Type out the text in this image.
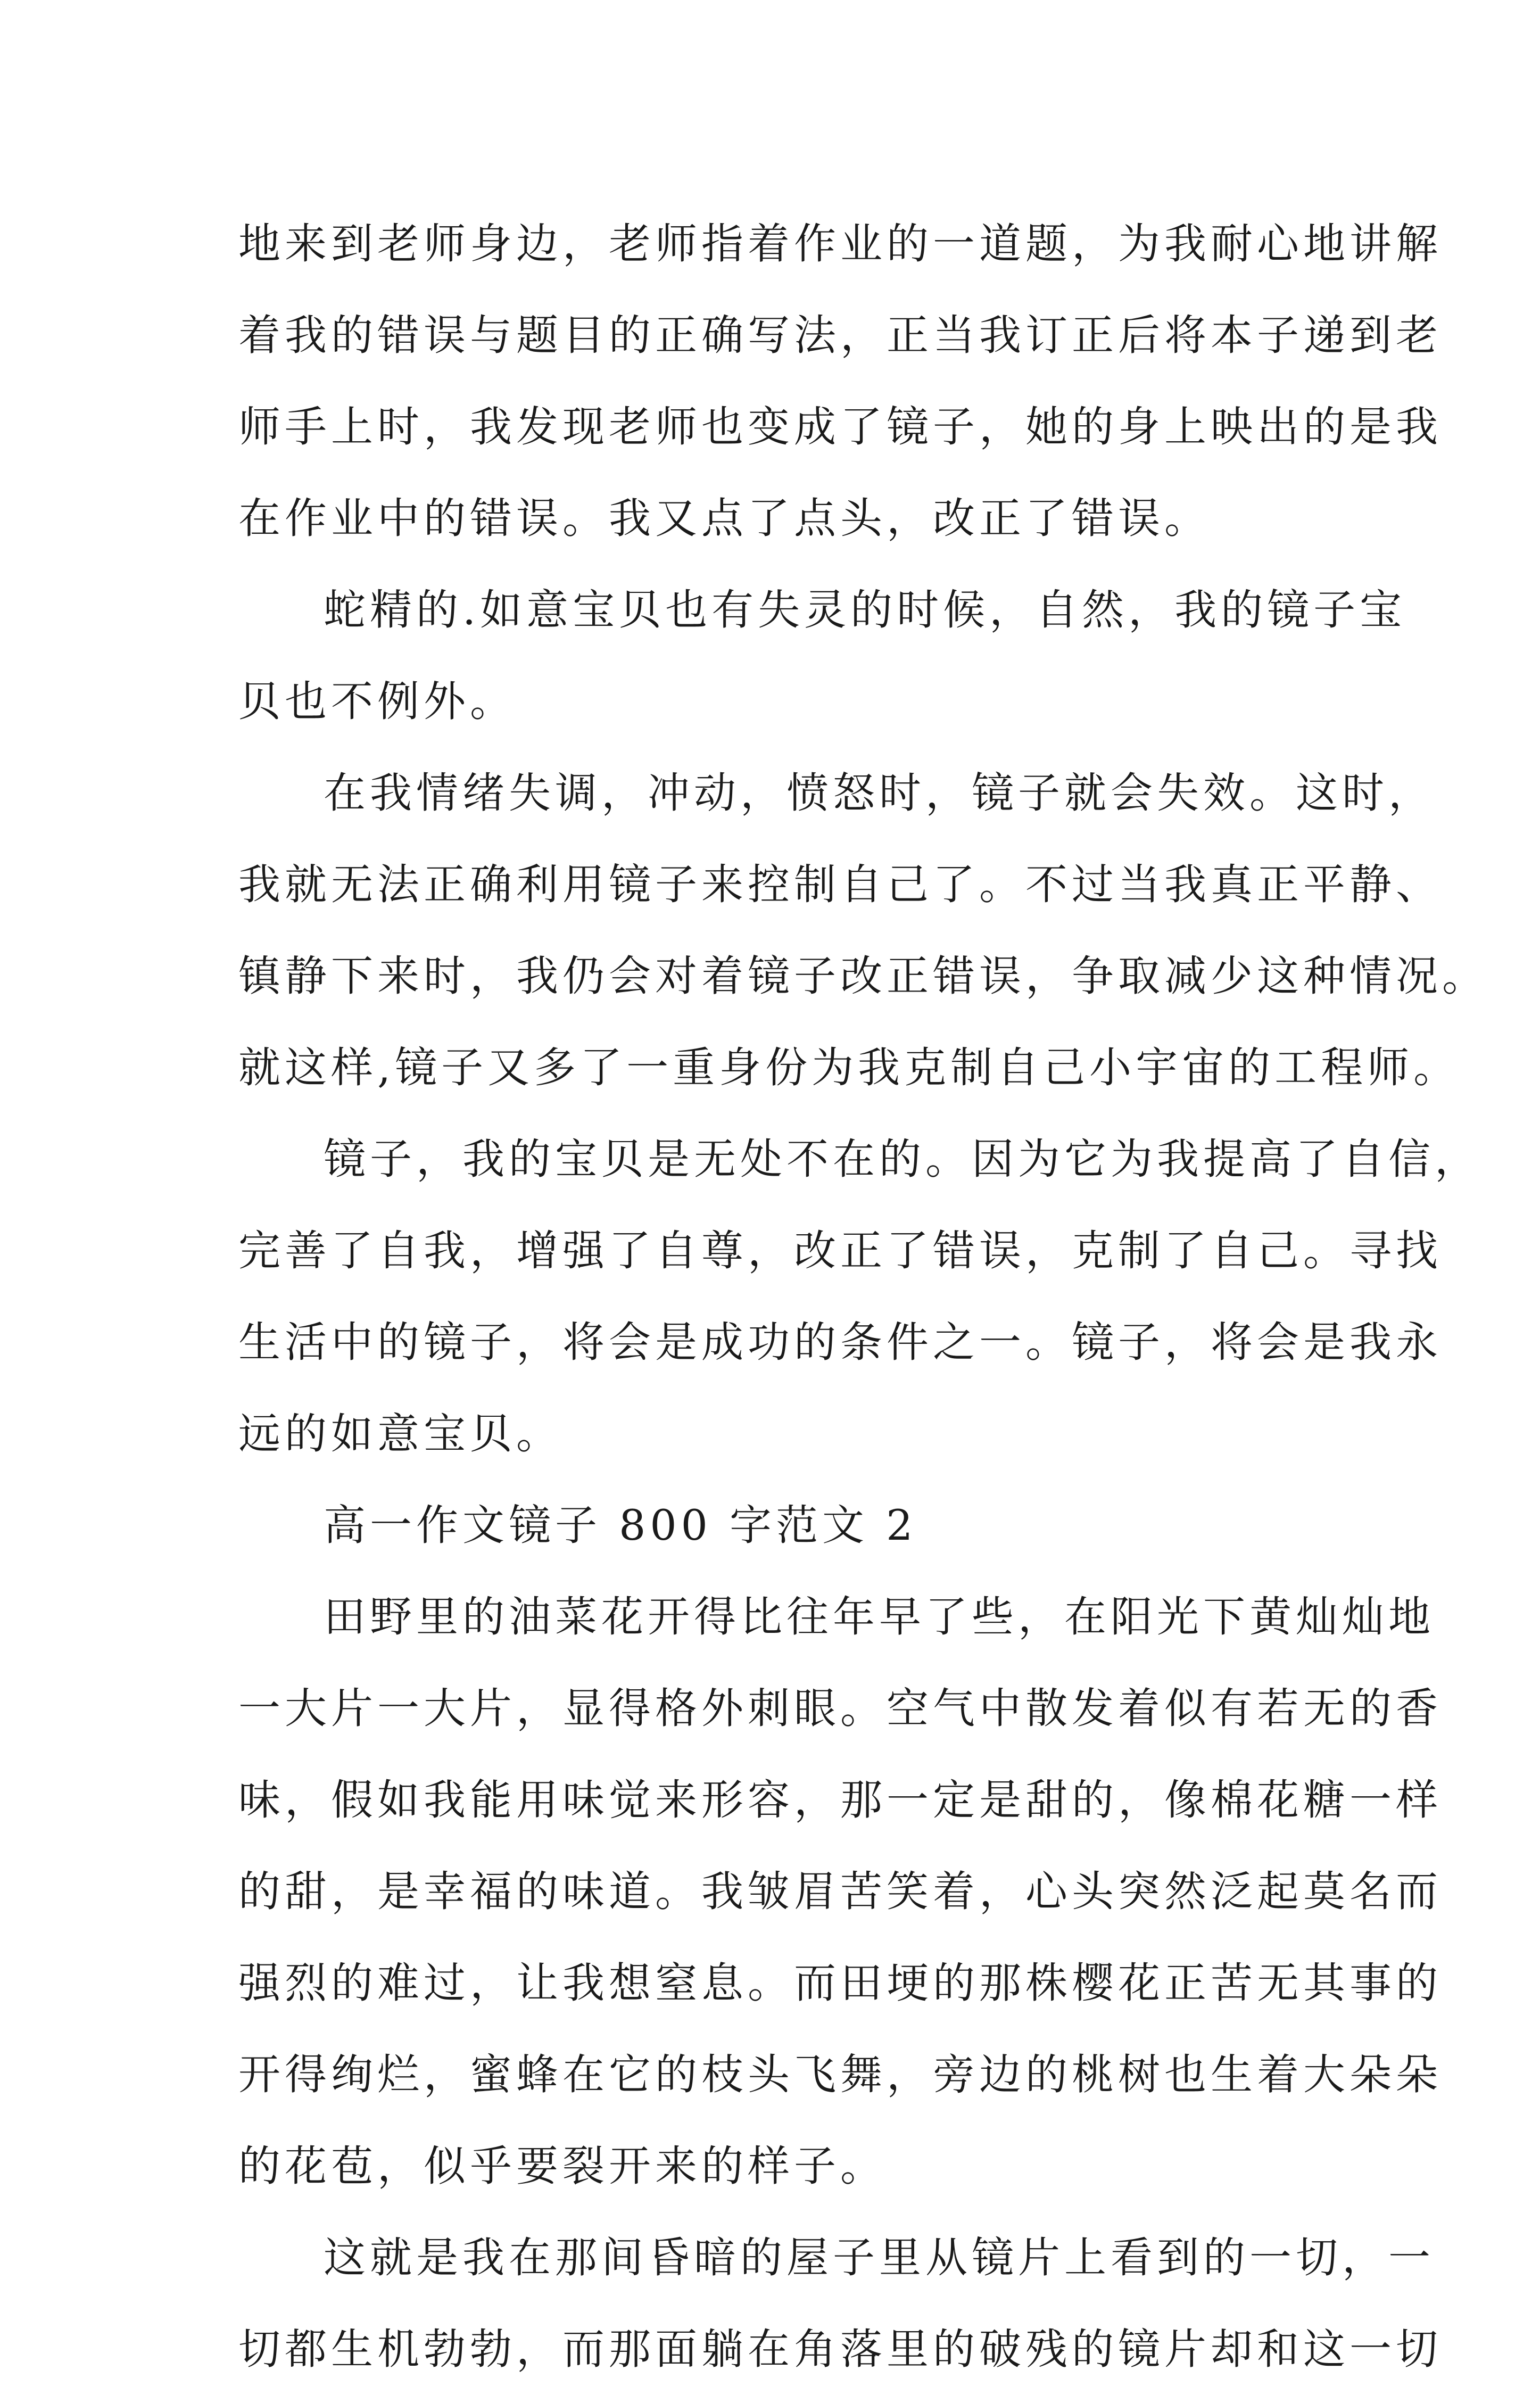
地来到老师身边，老师指着作业的一道题，为我耐心地讲解
着我的错误与题目的正确写法，正当我订正后将本子递到老
师手上时，我发现老师也变成了镜子，她的身上映出的是我
在作业中的错误。我又点了点头，改正了错误。
蛇精的.如意宝贝也有失灵的时候，自然，我的镜子宝
贝也不例外。
在我情绪失调，冲动，愤怒时，镜子就会失效。这时，
我就无法正确利用镜子来控制自己了。不过当我真正平静、
镇静下来时，我仍会对着镜子改正错误，争取减少这种情况。
就这样,镜子又多了一重身份为我克制自己小宇宙的工程师。
镜子，我的宝贝是无处不在的。因为它为我提高了自信，
完善了自我，增强了自尊，改正了错误，克制了自己。寻找
生活中的镜子，将会是成功的条件之一。镜子，将会是我永
远的如意宝贝。
高一作文镜子 800 字范文 2
田野里的油菜花开得比往年早了些，在阳光下黄灿灿地
一大片一大片，显得格外刺眼。空气中散发着似有若无的香
味，假如我能用味觉来形容，那一定是甜的，像棉花糖一样
的甜，是幸福的味道。我皱眉苦笑着，心头突然泛起莫名而
强烈的难过，让我想窒息。而田埂的那株樱花正苦无其事的
开得绚烂，蜜蜂在它的枝头飞舞，旁边的桃树也生着大朵朵
的花苞，似乎要裂开来的样子。
这就是我在那间昏暗的屋子里从镜片上看到的一切，一
切都生机勃勃，而那面躺在角落里的破残的镜片却和这一切
